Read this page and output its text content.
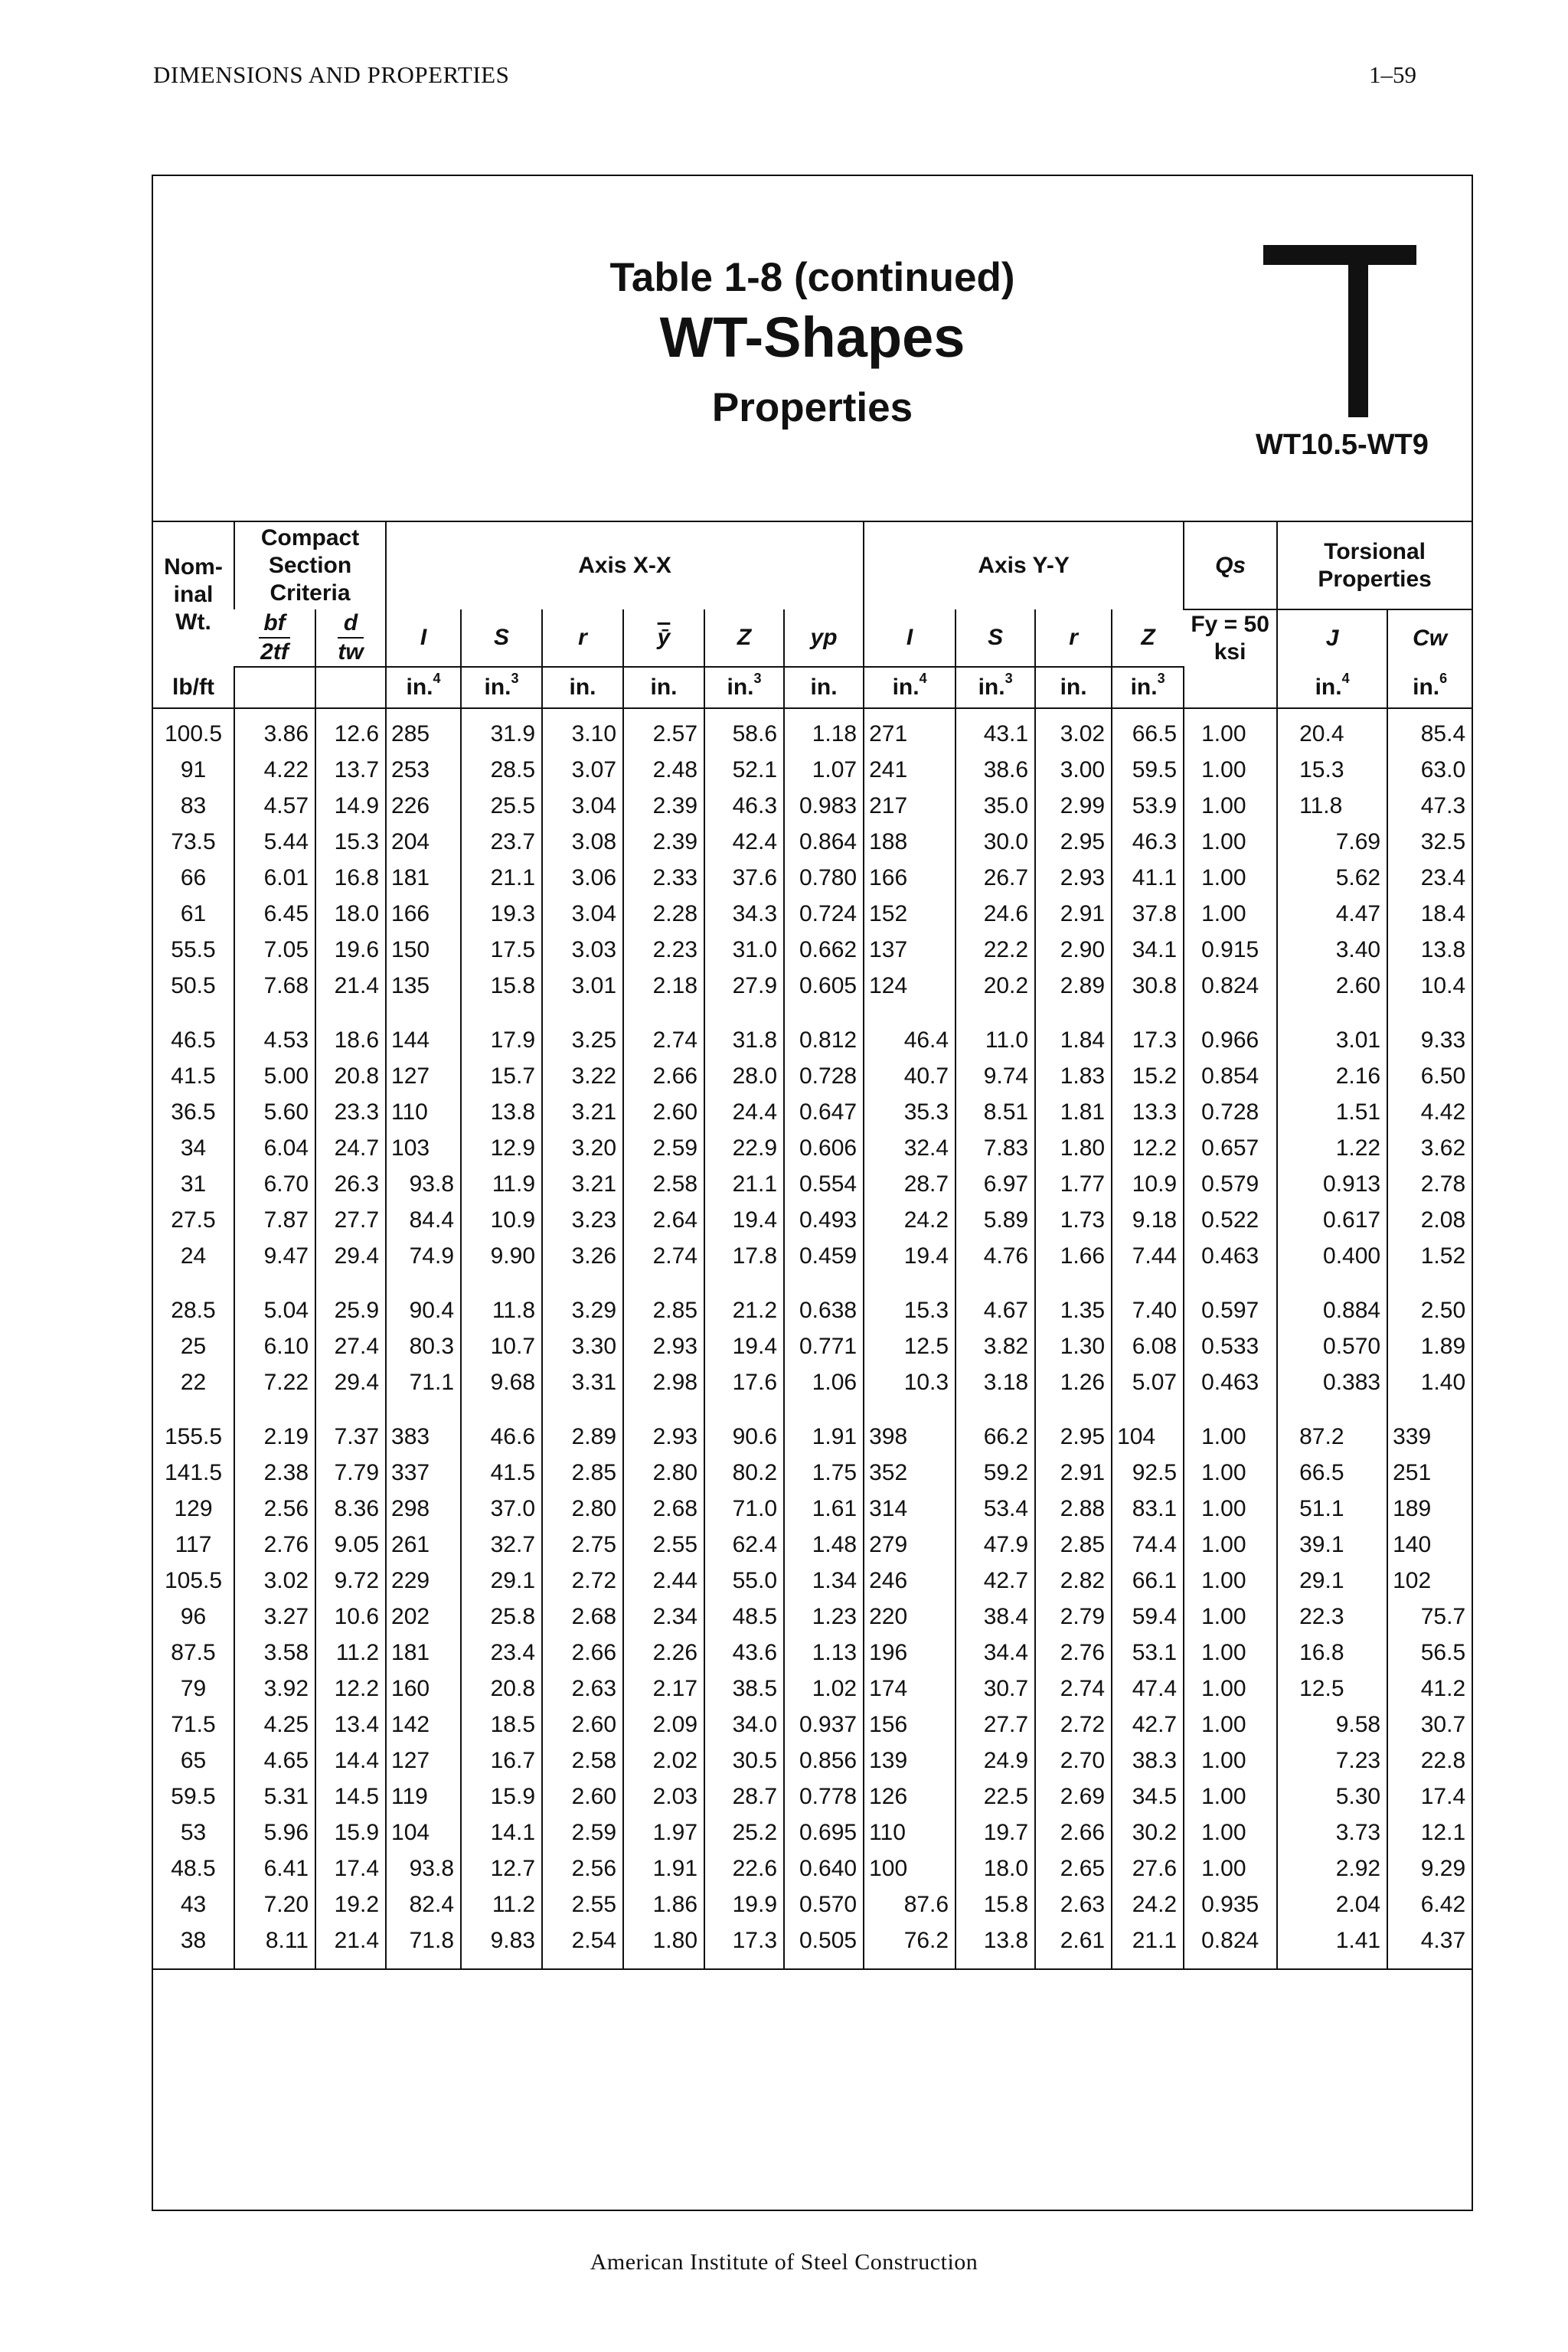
DIMENSIONS AND PROPERTIES	1–59
Table 1-8 (continued)
WT-Shapes
Properties
WT10.5-WT9
Nom-inal Wt.	Compact Section Criteria		Axis X-X						Axis Y-Y				Qs	Torsional Properties	
													Fy = 50 ksi	J	Cw

	$\frac{bf}{2tf}$	$\frac{d}{tw}$	I	S	r	$\overline{ȳ}$	Z	yp	I	S	r	Z			
lb/ft			in.$^4$	in.$^3$	in.	in.	in.$^3$	in.	in.$^4$	in.$^3$	in.	in.$^3$		in.$^4$	in.$^6$

100.5	3.86	12.6	285	31.9	3.10	2.57	58.6	1.18	271	43.1	3.02	66.5	1.00	20.4	85.4
91	4.22	13.7	253	28.5	3.07	2.48	52.1	1.07	241	38.6	3.00	59.5	1.00	15.3	63.0
83	4.57	14.9	226	25.5	3.04	2.39	46.3	0.983	217	35.0	2.99	53.9	1.00	11.8	47.3
73.5	5.44	15.3	204	23.7	3.08	2.39	42.4	0.864	188	30.0	2.95	46.3	1.00	7.69	32.5
66	6.01	16.8	181	21.1	3.06	2.33	37.6	0.780	166	26.7	2.93	41.1	1.00	5.62	23.4
61	6.45	18.0	166	19.3	3.04	2.28	34.3	0.724	152	24.6	2.91	37.8	1.00	4.47	18.4
55.5	7.05	19.6	150	17.5	3.03	2.23	31.0	0.662	137	22.2	2.90	34.1	0.915	3.40	13.8
50.5	7.68	21.4	135	15.8	3.01	2.18	27.9	0.605	124	20.2	2.89	30.8	0.824	2.60	10.4

46.5	4.53	18.6	144	17.9	3.25	2.74	31.8	0.812	46.4	11.0	1.84	17.3	0.966	3.01	9.33
41.5	5.00	20.8	127	15.7	3.22	2.66	28.0	0.728	40.7	9.74	1.83	15.2	0.854	2.16	6.50
36.5	5.60	23.3	110	13.8	3.21	2.60	24.4	0.647	35.3	8.51	1.81	13.3	0.728	1.51	4.42
34	6.04	24.7	103	12.9	3.20	2.59	22.9	0.606	32.4	7.83	1.80	12.2	0.657	1.22	3.62
31	6.70	26.3	93.8	11.9	3.21	2.58	21.1	0.554	28.7	6.97	1.77	10.9	0.579	0.913	2.78
27.5	7.87	27.7	84.4	10.9	3.23	2.64	19.4	0.493	24.2	5.89	1.73	9.18	0.522	0.617	2.08
24	9.47	29.4	74.9	9.90	3.26	2.74	17.8	0.459	19.4	4.76	1.66	7.44	0.463	0.400	1.52

28.5	5.04	25.9	90.4	11.8	3.29	2.85	21.2	0.638	15.3	4.67	1.35	7.40	0.597	0.884	2.50
25	6.10	27.4	80.3	10.7	3.30	2.93	19.4	0.771	12.5	3.82	1.30	6.08	0.533	0.570	1.89
22	7.22	29.4	71.1	9.68	3.31	2.98	17.6	1.06	10.3	3.18	1.26	5.07	0.463	0.383	1.40

155.5	2.19	7.37	383	46.6	2.89	2.93	90.6	1.91	398	66.2	2.95	104	1.00	87.2	339
141.5	2.38	7.79	337	41.5	2.85	2.80	80.2	1.75	352	59.2	2.91	92.5	1.00	66.5	251
129	2.56	8.36	298	37.0	2.80	2.68	71.0	1.61	314	53.4	2.88	83.1	1.00	51.1	189
117	2.76	9.05	261	32.7	2.75	2.55	62.4	1.48	279	47.9	2.85	74.4	1.00	39.1	140
105.5	3.02	9.72	229	29.1	2.72	2.44	55.0	1.34	246	42.7	2.82	66.1	1.00	29.1	102
96	3.27	10.6	202	25.8	2.68	2.34	48.5	1.23	220	38.4	2.79	59.4	1.00	22.3	75.7
87.5	3.58	11.2	181	23.4	2.66	2.26	43.6	1.13	196	34.4	2.76	53.1	1.00	16.8	56.5
79	3.92	12.2	160	20.8	2.63	2.17	38.5	1.02	174	30.7	2.74	47.4	1.00	12.5	41.2
71.5	4.25	13.4	142	18.5	2.60	2.09	34.0	0.937	156	27.7	2.72	42.7	1.00	9.58	30.7
65	4.65	14.4	127	16.7	2.58	2.02	30.5	0.856	139	24.9	2.70	38.3	1.00	7.23	22.8
59.5	5.31	14.5	119	15.9	2.60	2.03	28.7	0.778	126	22.5	2.69	34.5	1.00	5.30	17.4
53	5.96	15.9	104	14.1	2.59	1.97	25.2	0.695	110	19.7	2.66	30.2	1.00	3.73	12.1
48.5	6.41	17.4	93.8	12.7	2.56	1.91	22.6	0.640	100	18.0	2.65	27.6	1.00	2.92	9.29
43	7.20	19.2	82.4	11.2	2.55	1.86	19.9	0.570	87.6	15.8	2.63	24.2	0.935	2.04	6.42
38	8.11	21.4	71.8	9.83	2.54	1.80	17.3	0.505	76.2	13.8	2.61	21.1	0.824	1.41	4.37

American Institute of Steel Construction
